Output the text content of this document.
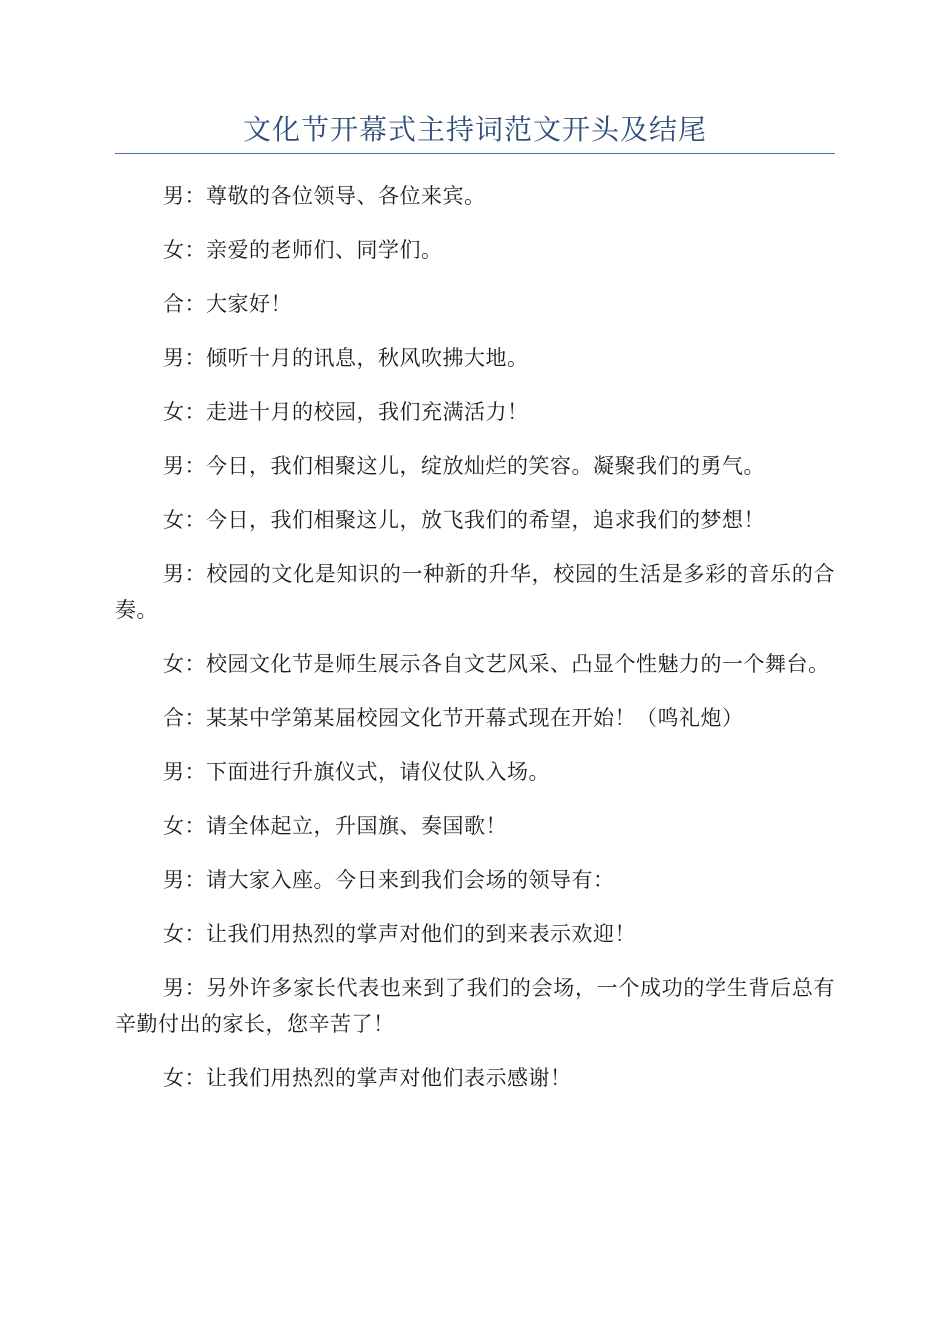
文化节开幕式主持词范文开头及结尾

男：尊敬的各位领导、各位来宾。

女：亲爱的老师们、同学们。

合：大家好！

男：倾听十月的讯息，秋风吹拂大地。

女：走进十月的校园，我们充满活力！

男：今日，我们相聚这儿，绽放灿烂的笑容。凝聚我们的勇气。

女：今日，我们相聚这儿，放飞我们的希望，追求我们的梦想！

男：校园的文化是知识的一种新的升华，校园的生活是多彩的音乐的合奏。

女：校园文化节是师生展示各自文艺风采、凸显个性魅力的一个舞台。

合：某某中学第某届校园文化节开幕式现在开始！（鸣礼炮）

男：下面进行升旗仪式，请仪仗队入场。

女：请全体起立，升国旗、奏国歌！

男：请大家入座。今日来到我们会场的领导有：

女：让我们用热烈的掌声对他们的到来表示欢迎！

男：另外许多家长代表也来到了我们的会场，一个成功的学生背后总有辛勤付出的家长，您辛苦了！

女：让我们用热烈的掌声对他们表示感谢！
